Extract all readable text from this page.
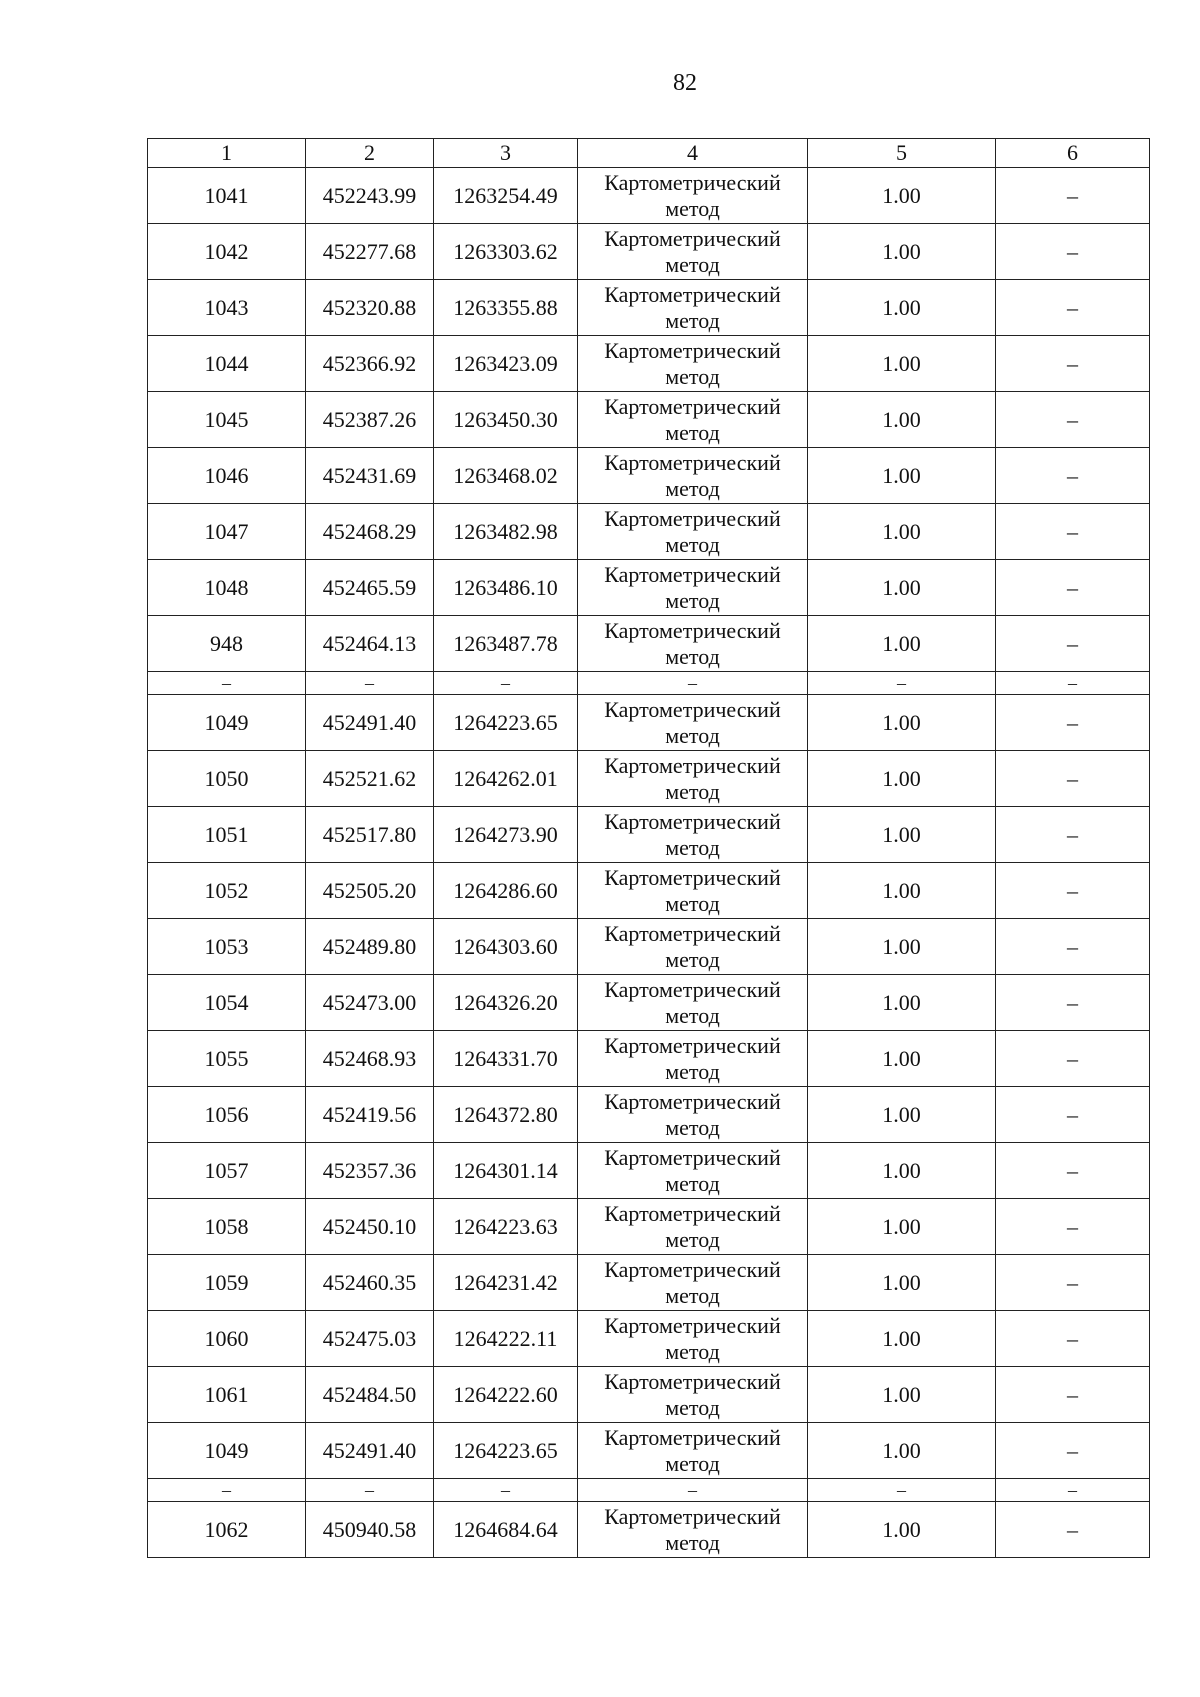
82
1	2	3	4	5	6
1041	452243.99	1263254.49	Картометрический метод	1.00	–
1042	452277.68	1263303.62	Картометрический метод	1.00	–
1043	452320.88	1263355.88	Картометрический метод	1.00	–
1044	452366.92	1263423.09	Картометрический метод	1.00	–
1045	452387.26	1263450.30	Картометрический метод	1.00	–
1046	452431.69	1263468.02	Картометрический метод	1.00	–
1047	452468.29	1263482.98	Картометрический метод	1.00	–
1048	452465.59	1263486.10	Картометрический метод	1.00	–
948	452464.13	1263487.78	Картометрический метод	1.00	–
–	–	–	–	–	–
1049	452491.40	1264223.65	Картометрический метод	1.00	–
1050	452521.62	1264262.01	Картометрический метод	1.00	–
1051	452517.80	1264273.90	Картометрический метод	1.00	–
1052	452505.20	1264286.60	Картометрический метод	1.00	–
1053	452489.80	1264303.60	Картометрический метод	1.00	–
1054	452473.00	1264326.20	Картометрический метод	1.00	–
1055	452468.93	1264331.70	Картометрический метод	1.00	–
1056	452419.56	1264372.80	Картометрический метод	1.00	–
1057	452357.36	1264301.14	Картометрический метод	1.00	–
1058	452450.10	1264223.63	Картометрический метод	1.00	–
1059	452460.35	1264231.42	Картометрический метод	1.00	–
1060	452475.03	1264222.11	Картометрический метод	1.00	–
1061	452484.50	1264222.60	Картометрический метод	1.00	–
1049	452491.40	1264223.65	Картометрический метод	1.00	–
–	–	–	–	–	–
1062	450940.58	1264684.64	Картометрический метод	1.00	–
